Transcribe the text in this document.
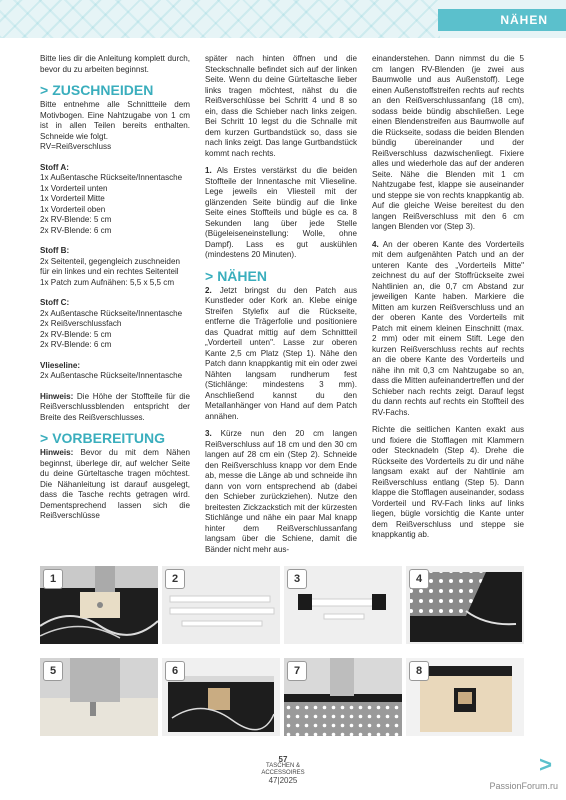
NÄHEN

Bitte lies dir die Anleitung komplett durch, bevor du zu arbeiten beginnst.

> ZUSCHNEIDEN

Bitte entnehme alle Schnittteile dem Motivbogen. Eine Nahtzugabe von 1 cm ist in allen Teilen bereits enthalten. Schneide wie folgt.
RV=Reißverschluss

Stoff A:
1x Außentasche Rückseite/Innentasche
1x Vorderteil unten
1x Vorderteil Mitte
1x Vorderteil oben
2x RV-Blende: 5 cm
2x RV-Blende: 6 cm
Stoff B:
2x Seitenteil, gegengleich zuschneiden für ein linkes und ein rechtes Seitenteil
1x Patch zum Aufnähen: 5,5 x 5,5 cm
Stoff C:
2x Außentasche Rückseite/Innentasche
2x Reißverschlussfach
2x RV-Blende: 5 cm
2x RV-Blende: 6 cm
Vlieseline:
2x Außentasche Rückseite/Innentasche

Hinweis: Die Höhe der Stoffteile für die Reißverschlussblenden entspricht der Breite des Reißverschlusses.

> VORBEREITUNG

Hinweis: Bevor du mit dem Nähen beginnst, überlege dir, auf welcher Seite du deine Gürteltasche tragen möchtest. Die Nähanleitung ist darauf ausgelegt, dass die Tasche rechts getragen wird. Dementsprechend lassen sich die Reißverschlüsse

später nach hinten öffnen und die Steckschnalle befindet sich auf der linken Seite. Wenn du deine Gürteltasche lieber links tragen möchtest, nähst du die Reißverschlüsse bei Schritt 4 und 8 so ein, dass die Schieber nach links zeigen. Bei Schritt 10 legst du die Schnalle mit dem kurzen Gurtbandstück so, dass sie nach links zeigt. Das lange Gurtbandstück kommt nach rechts.

1. Als Erstes verstärkst du die beiden Stoffteile der Innentasche mit Vlieseline. Lege jeweils ein Vliesteil mit der glänzenden Seite bündig auf die linke Seite eines Stoffteils und bügle es ca. 8 Sekunden lang über jede Stelle (Bügeleiseneinstellung: Wolle, ohne Dampf). Lass es gut auskühlen (mindestens 20 Minuten).

> NÄHEN

2. Jetzt bringst du den Patch aus Kunstleder oder Kork an. Klebe einige Streifen Stylefix auf die Rückseite, entferne die Trägerfolie und positioniere das Quadrat mittig auf dem Schnittteil „Vorderteil unten". Lasse zur oberen Kante 2,5 cm Platz (Step 1). Nähe den Patch dann knappkantig mit ein oder zwei Nähten langsam rundherum fest (Stichlänge: mindestens 3 mm). Anschließend kannst du den Metallanhänger von Hand auf dem Patch annähen.

3. Kürze nun den 20 cm langen Reißverschluss auf 18 cm und den 30 cm langen auf 28 cm ein (Step 2). Schneide den Reißverschluss knapp vor dem Ende ab, messe die Länge ab und schneide ihn dann von vorn entsprechend ab (dabei den Schieber zurückziehen). Nutze den breitesten Zickzackstich mit der kürzesten Stichlänge und nähe ein paar Mal knapp hinter dem Reißverschlussanfang langsam über die Schiene, damit die Bänder nicht mehr aus-

einanderstehen. Dann nimmst du die 5 cm langen RV-Blenden (je zwei aus Baumwolle und aus Außenstoff). Lege einen Außenstoffstreifen rechts auf rechts an den Reißverschlussanfang (18 cm), sodass beide bündig abschließen. Lege einen Blendenstreifen aus Baumwolle auf die Rückseite, sodass die beiden Blenden bündig übereinander und der Reißverschluss dazwischenliegt. Fixiere alles und wiederhole das auf der anderen Seite. Nähe die Blenden mit 1 cm Nahtzugabe fest, klappe sie auseinander und steppe sie von rechts knappkantig ab. Auf die gleiche Weise bereitest du den langen Reißverschluss mit den 6 cm langen Blenden vor (Step 3).

4. An der oberen Kante des Vorderteils mit dem aufgenähten Patch und an der unteren Kante des „Vorderteils Mitte" zeichnest du auf der Stoffrückseite zwei Nahtlinien an, die 0,7 cm Abstand zur jeweiligen Kante haben. Markiere die Mitten am kurzen Reißverschluss und an der oberen Kante des Vorderteils mit Patch mit einem kleinen Einschnitt (max. 2 mm) oder mit einem Stift. Lege den kurzen Reißverschluss rechts auf rechts an die obere Kante des Vorderteils und nähe ihn mit 0,3 cm Nahtzugabe so an, dass die Mitten aufeinandertreffen und der Schieber nach rechts zeigt. Darauf legst du dann rechts auf rechts ein Stoffteil des RV-Fachs.

Richte die seitlichen Kanten exakt aus und fixiere die Stofflagen mit Klammern oder Stecknadeln (Step 4). Drehe die Rückseite des Vorderteils zu dir und nähe langsam exakt auf der Nahtlinie am Reißverschluss entlang (Step 5). Dann klappe die Stofflagen auseinander, sodass Vorderteil und RV-Fach links auf links liegen, bügle vorsichtig die Kante unter dem Reißverschluss und steppe sie knappkantig ab.

1	2	3	4
5	6	7	8
57
TASCHEN &
ACCESSOIRES
47|2025
>
PassionForum.ru
